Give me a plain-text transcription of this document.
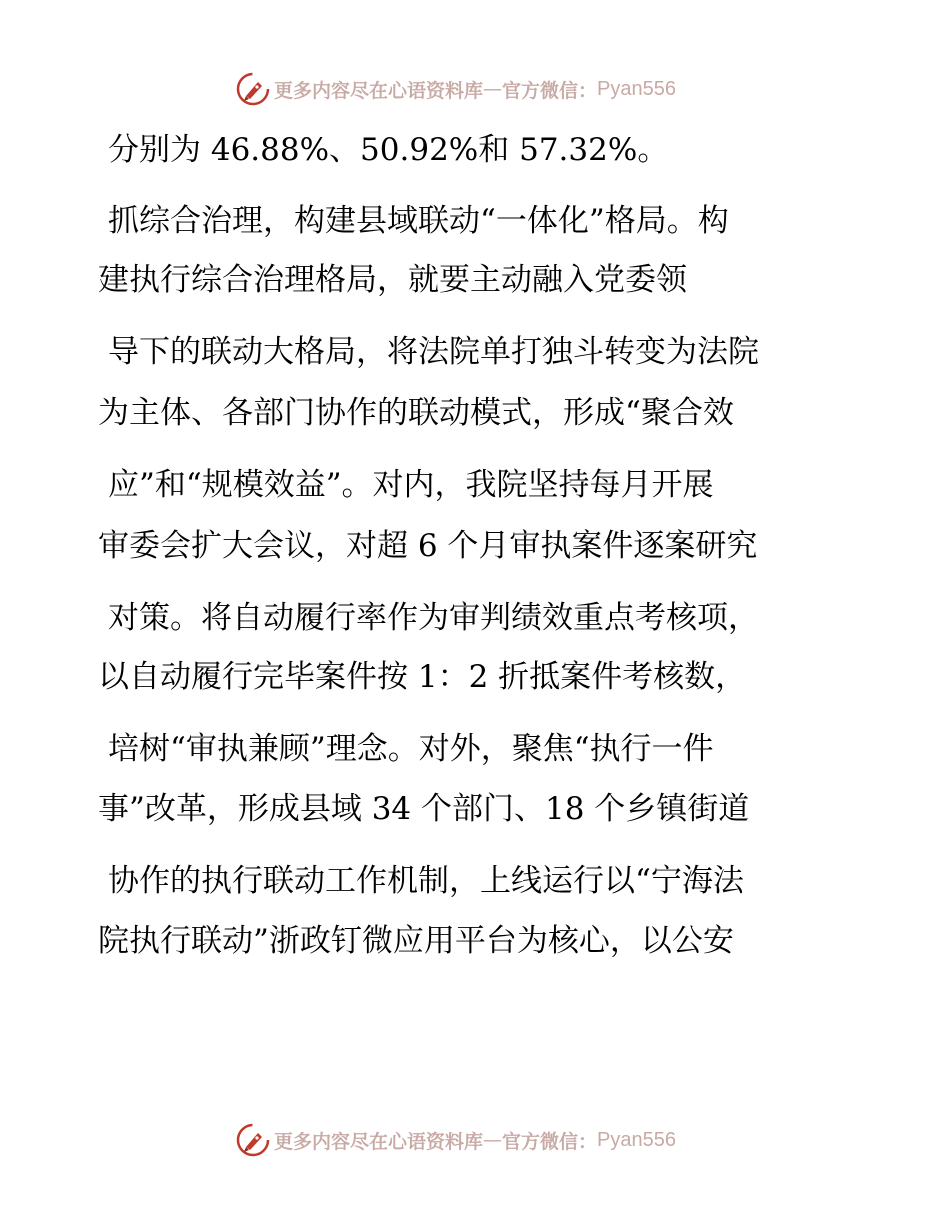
更多内容尽在心语资料库 — 官方微信： Pyan556
分别为 46.88%、50.92%和 57.32%。
抓综合治理，构建县域联动“一体化”格局。构
建执行综合治理格局，就要主动融入党委领
导下的联动大格局，将法院单打独斗转变为法院
为主体、各部门协作的联动模式，形成“聚合效
应”和“规模效益”。对内，我院坚持每月开展
审委会扩大会议，对超 6 个月审执案件逐案研究
对策。将自动履行率作为审判绩效重点考核项，
以自动履行完毕案件按 1：2 折抵案件考核数，
培树“审执兼顾”理念。对外，聚焦“执行一件
事”改革，形成县域 34 个部门、18 个乡镇街道
协作的执行联动工作机制，上线运行以“宁海法
院执行联动”浙政钉微应用平台为核心，以公安
更多内容尽在心语资料库 — 官方微信： Pyan556
